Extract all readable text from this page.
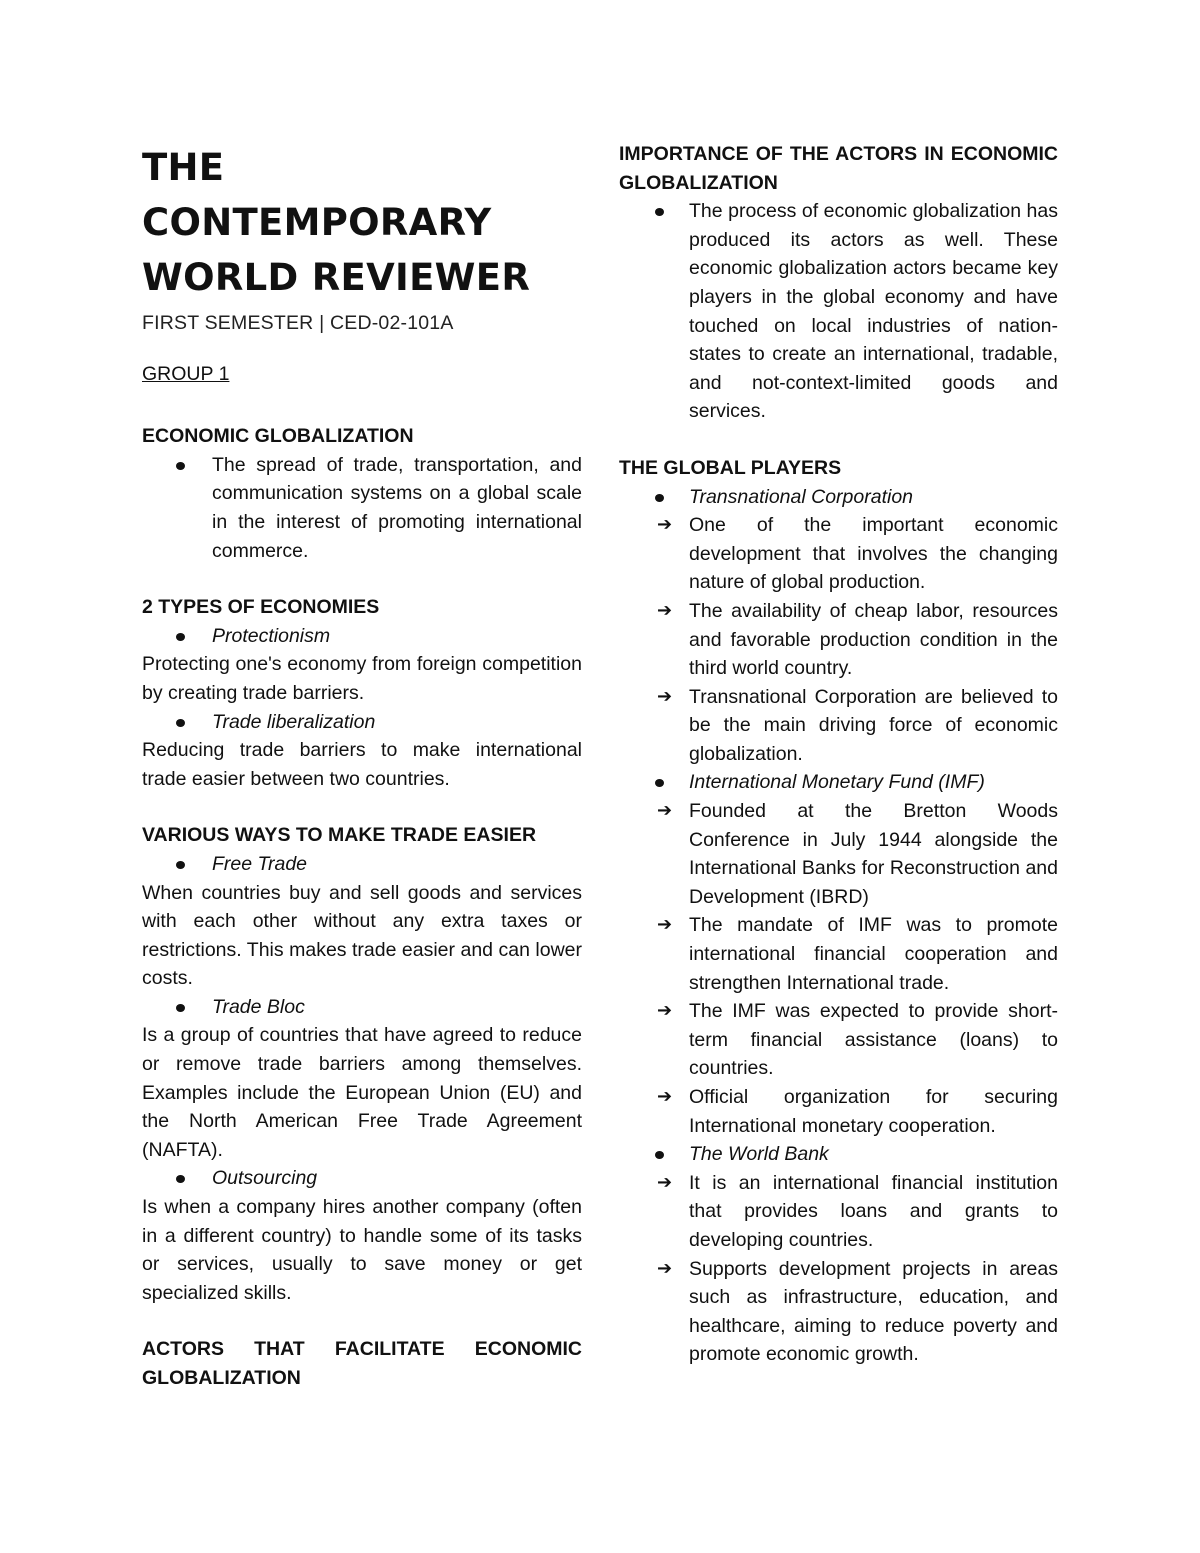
THE
CONTEMPORARY
WORLD REVIEWER
FIRST SEMESTER | CED-02-101A
GROUP 1
ECONOMIC GLOBALIZATION
The spread of trade, transportation, and communication systems on a global scale in the interest of promoting international commerce.
2 TYPES OF ECONOMIES
Protectionism
Protecting one's economy from foreign competition by creating trade barriers.
Trade liberalization
Reducing trade barriers to make international trade easier between two countries.
VARIOUS WAYS TO MAKE TRADE EASIER
Free Trade
When countries buy and sell goods and services with each other without any extra taxes or restrictions. This makes trade easier and can lower costs.
Trade Bloc
Is a group of countries that have agreed to reduce or remove trade barriers among themselves. Examples include the European Union (EU) and the North American Free Trade Agreement (NAFTA).
Outsourcing
Is when a company hires another company (often in a different country) to handle some of its tasks or services, usually to save money or get specialized skills.
ACTORS THAT FACILITATE ECONOMIC GLOBALIZATION
IMPORTANCE OF THE ACTORS IN ECONOMIC GLOBALIZATION
The process of economic globalization has produced its actors as well. These economic globalization actors became key players in the global economy and have touched on local industries of nation-states to create an international, tradable, and not-context-limited goods and services.
THE GLOBAL PLAYERS
Transnational Corporation
➔ One of the important economic development that involves the changing nature of global production.
➔ The availability of cheap labor, resources and favorable production condition in the third world country.
➔ Transnational Corporation are believed to be the main driving force of economic globalization.
International Monetary Fund (IMF)
➔ Founded at the Bretton Woods Conference in July 1944 alongside the International Banks for Reconstruction and Development (IBRD)
➔ The mandate of IMF was to promote international financial cooperation and strengthen International trade.
➔ The IMF was expected to provide short-term financial assistance (loans) to countries.
➔ Official organization for securing International monetary cooperation.
The World Bank
➔ It is an international financial institution that provides loans and grants to developing countries.
➔ Supports development projects in areas such as infrastructure, education, and healthcare, aiming to reduce poverty and promote economic growth.
